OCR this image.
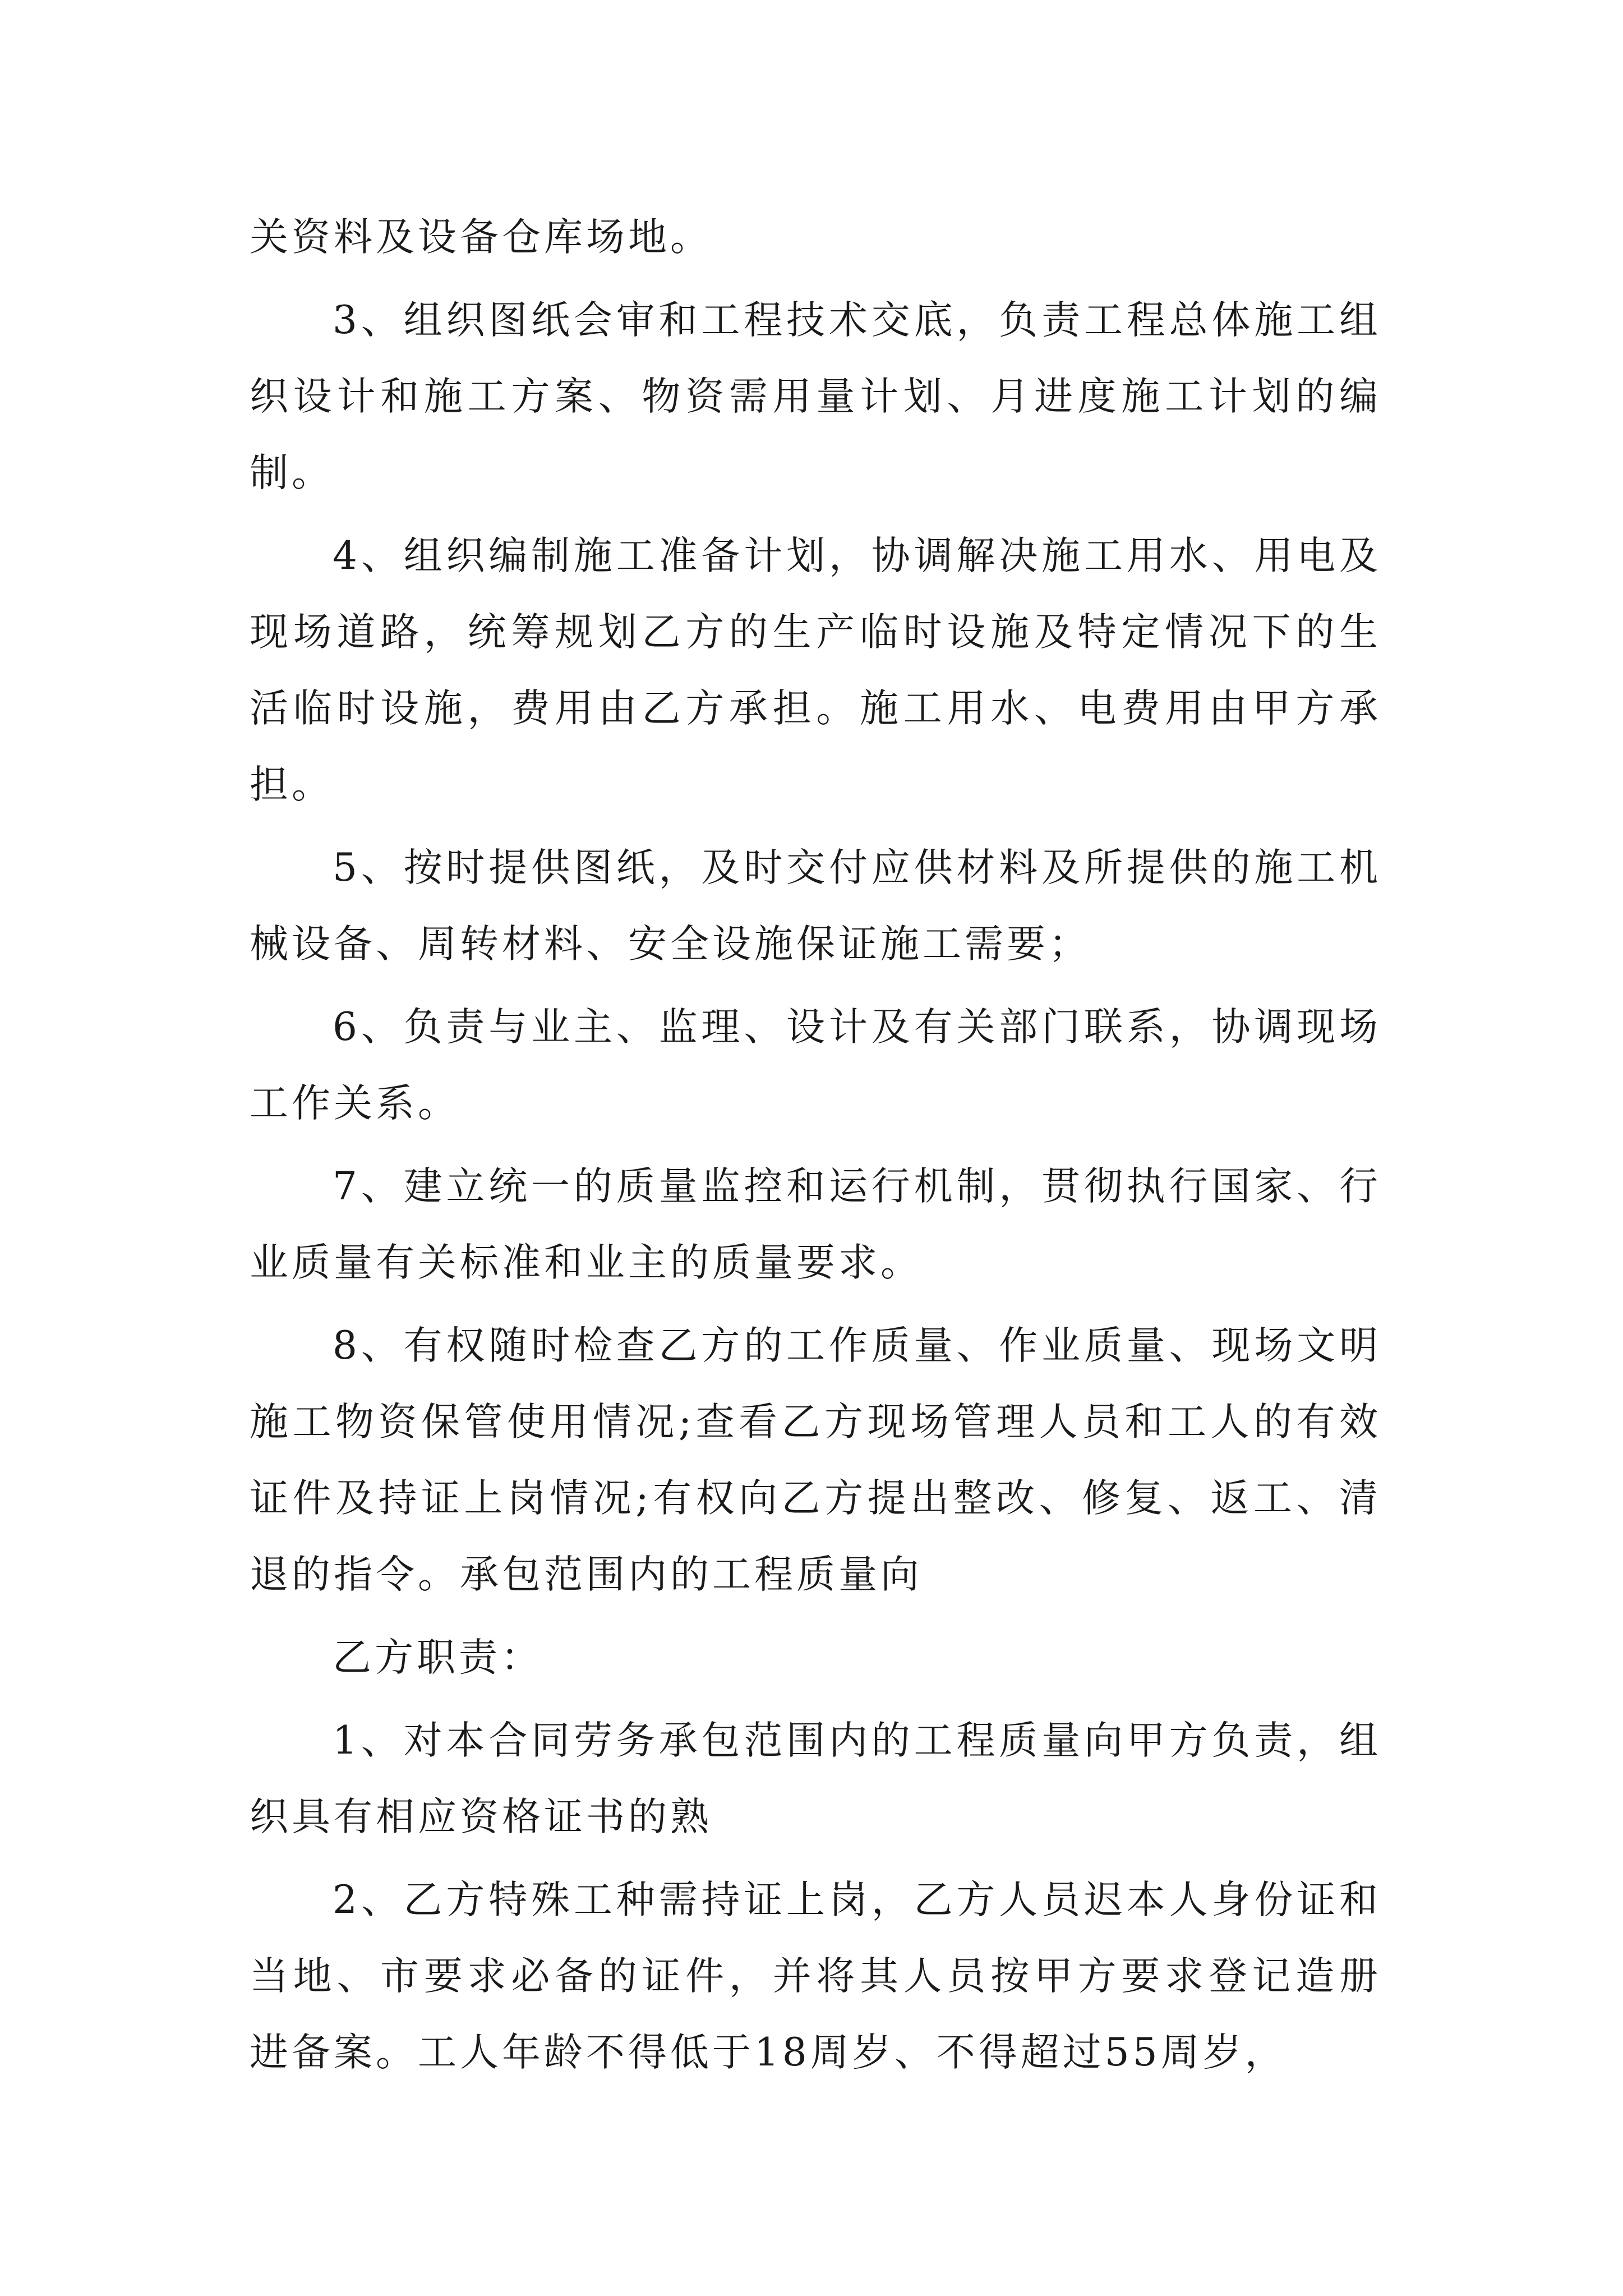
关资料及设备仓库场地。

3、组织图纸会审和工程技术交底，负责工程总体施工组织设计和施工方案、物资需用量计划、月进度施工计划的编制。

4、组织编制施工准备计划，协调解决施工用水、用电及现场道路，统筹规划乙方的生产临时设施及特定情况下的生活临时设施，费用由乙方承担。施工用水、电费用由甲方承担。

5、按时提供图纸，及时交付应供材料及所提供的施工机械设备、周转材料、安全设施保证施工需要；

6、负责与业主、监理、设计及有关部门联系，协调现场工作关系。

7、建立统一的质量监控和运行机制，贯彻执行国家、行业质量有关标准和业主的质量要求。

8、有权随时检查乙方的工作质量、作业质量、现场文明施工物资保管使用情况;查看乙方现场管理人员和工人的有效证件及持证上岗情况;有权向乙方提出整改、修复、返工、清退的指令。承包范围内的工程质量向

乙方职责：

1、对本合同劳务承包范围内的工程质量向甲方负责，组织具有相应资格证书的熟

2、乙方特殊工种需持证上岗，乙方人员迟本人身份证和当地、市要求必备的证件，并将其人员按甲方要求登记造册进备案。工人年龄不得低于18周岁、不得超过55周岁，
